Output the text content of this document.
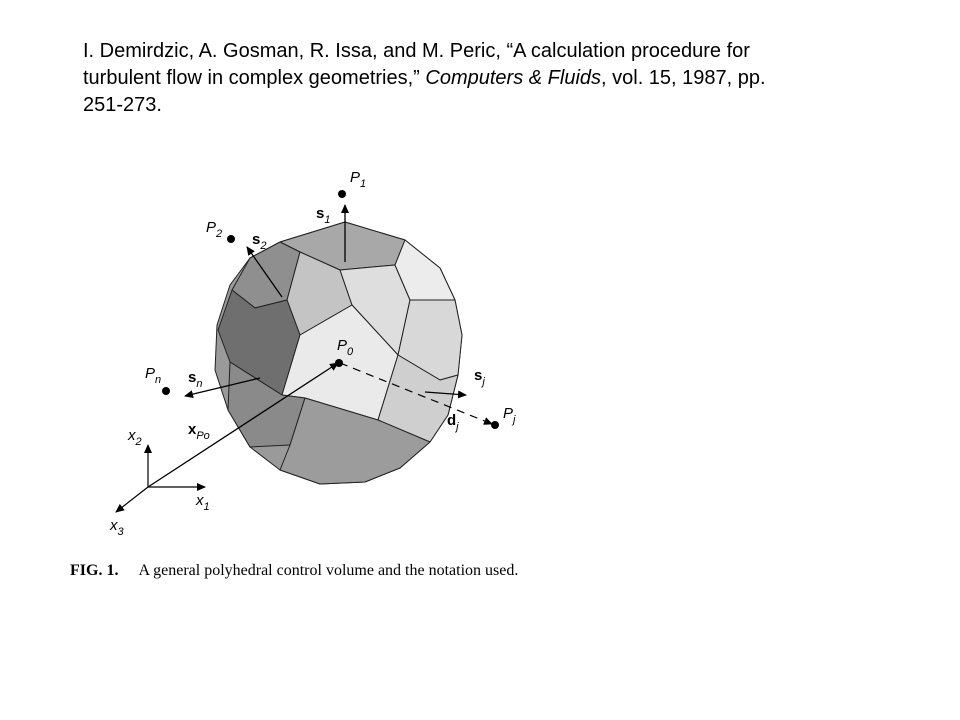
I. Demirdzic, A. Gosman, R. Issa, and M. Peric, “A calculation procedure for turbulent flow in complex geometries,” Computers & Fluids, vol. 15, 1987, pp. 251-273.

$P_1$
$s_1$
$P_2$ $s_2$
$P_0$
$P_n$ $s_n$	$s_j$
$P_j$
$d_j$
$x_{Po}$
$x_2$
$x_1$
$x_3$

FIG. 1. A general polyhedral control volume and the notation used.
